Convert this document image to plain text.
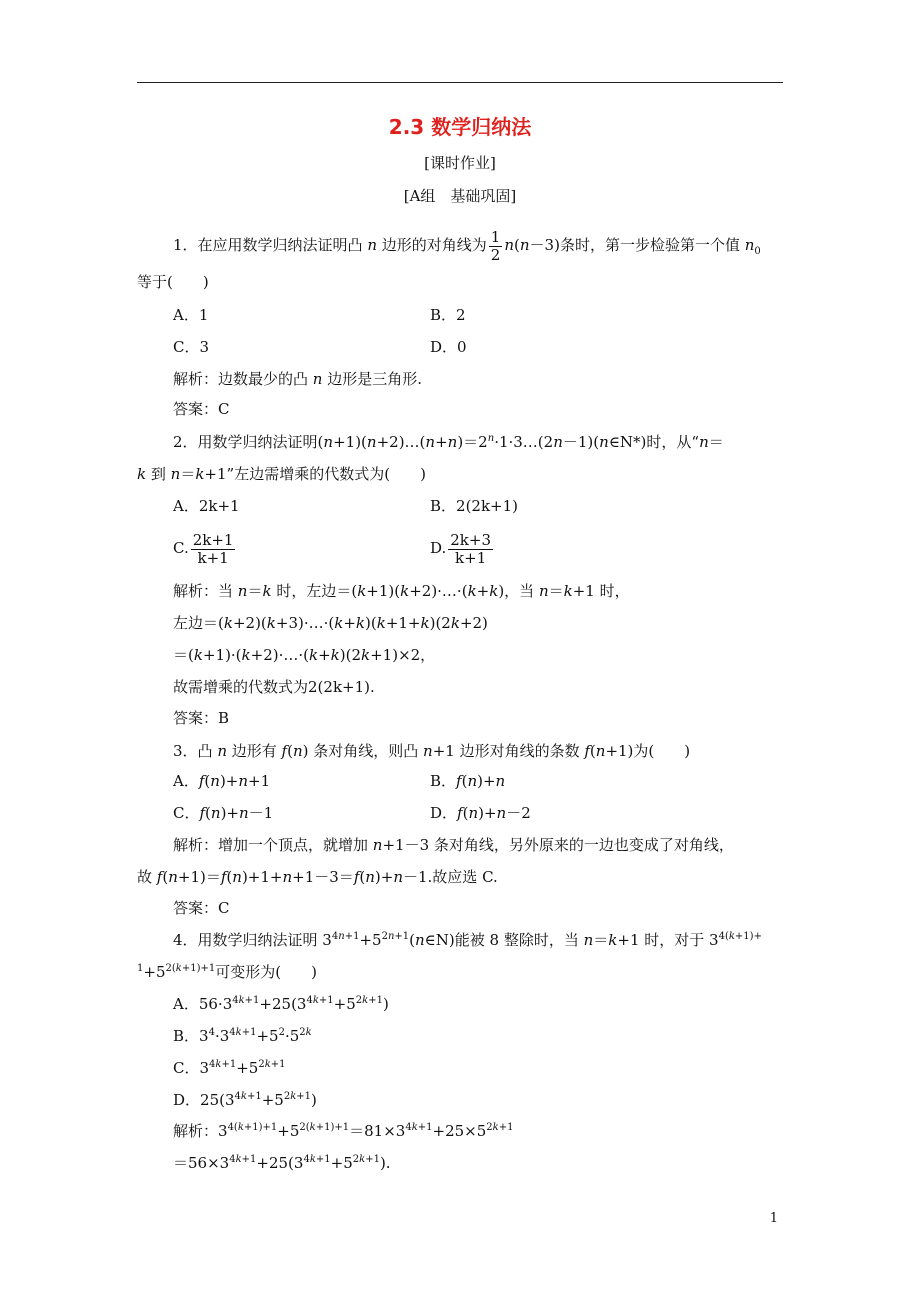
2.3 数学归纳法
[课时作业]
[A组　基础巩固]
1．在应用数学归纳法证明凸 n 边形的对角线为 $\frac{1}{2} n(n-3)$条时，第一步检验第一个值 $n_0$
等于(　　)
A．1	B．2
C．3	D．0
解析：边数最少的凸 n 边形是三角形.
答案：C
2．用数学归纳法证明$(n+1)(n+2)\dots(n+n)=2^n\cdot 1\cdot 3\dots(2n-1)(n\in N*)$时，从“n＝
k 到 n＝k+1”左边需增乘的代数式为(　　)
A．2k+1	B．2(2k+1)
C. $\frac{2k+1}{k+1}$	D. $\frac{2k+3}{k+1}$
解析：当 n＝k 时，左边＝(k+1)(k+2)·…·(k+k)，当 n＝k+1 时，
左边＝(k+2)(k+3)·…·(k+k)(k+1+k)(2k+2)
＝(k+1)·(k+2)·…·(k+k)(2k+1)×2，
故需增乘的代数式为2(2k+1).
答案：B
3．凸 n 边形有 f(n) 条对角线，则凸 n+1 边形对角线的条数 f(n+1)为(　　)
A．f(n)+n+1	B．f(n)+n
C．f(n)+n－1	D．f(n)+n－2
解析：增加一个顶点，就增加 n+1－3 条对角线，另外原来的一边也变成了对角线，
故 f(n+1)＝f(n)+1+n+1－3＝f(n)+n－1.故应选 C.
答案：C
4．用数学归纳法证明 $3^{4n+1}+5^{2n+1}(n\in N)$能被 8 整除时，当 n＝k+1 时，对于 $3^{4(k+1)+}$
$^1+5^{2(k+1)+1}$可变形为(　　)
A．$56\cdot 3^{4k+1}+25(3^{4k+1}+5^{2k+1})$
B．$3^4\cdot 3^{4k+1}+5^2\cdot 5^{2k}$
C．$3^{4k+1}+5^{2k+1}$
D．$25(3^{4k+1}+5^{2k+1})$
解析：$3^{4(k+1)+1}+5^{2(k+1)+1}=81\times 3^{4k+1}+25\times 5^{2k+1}$
$=56\times 3^{4k+1}+25(3^{4k+1}+5^{2k+1})$.
1
